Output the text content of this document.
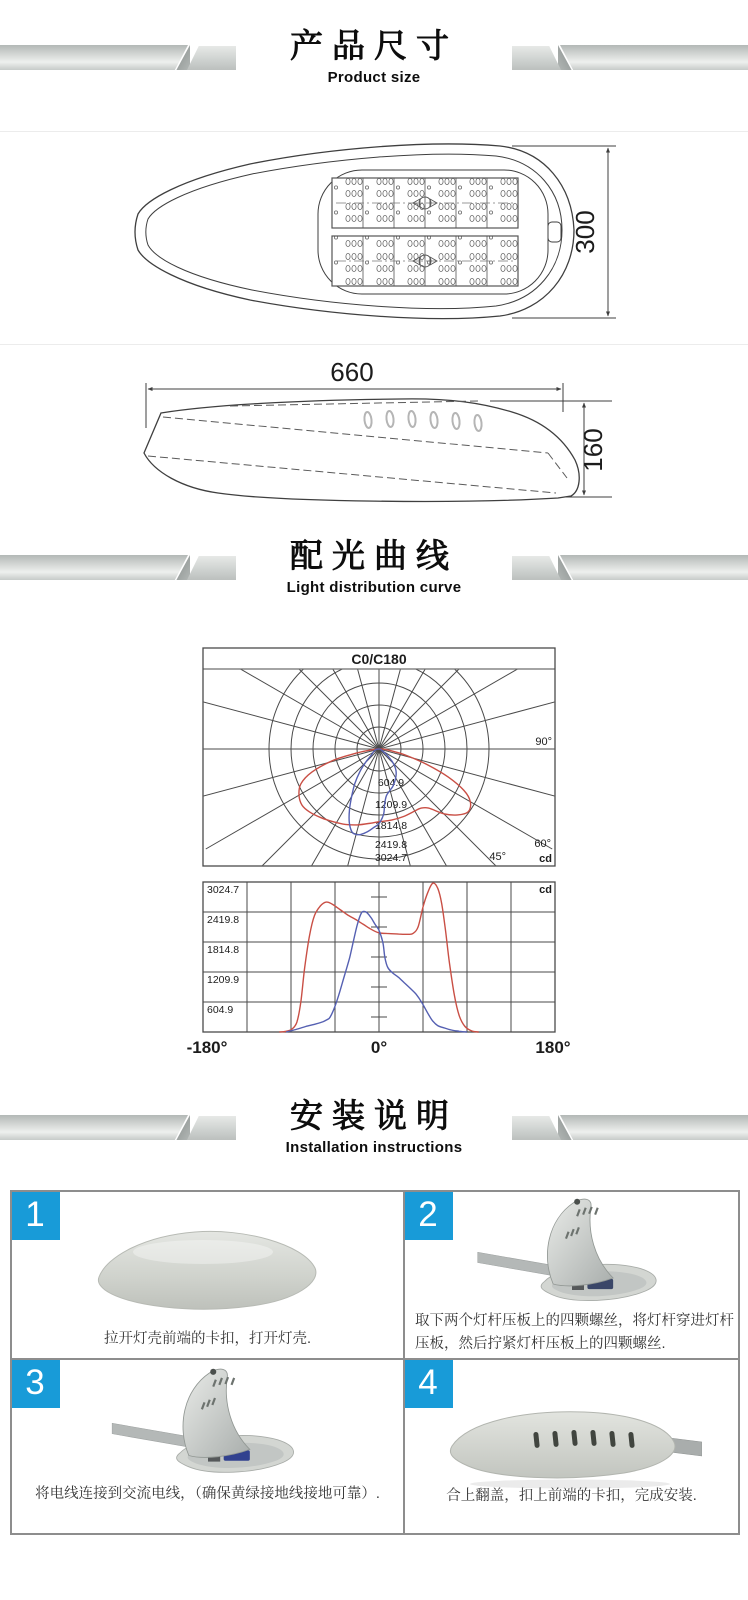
产品尺寸
Product size
300
660
160
配光曲线
Light distribution curve
C0/C180
604.9
1209.9
1814.8
2419.8
3024.7
90°
60°
45°	cd
3024.7
2419.8
1814.8
1209.9
604.9
cd
-180°	0°	180°
安装说明
Installation instructions
1
拉开灯壳前端的卡扣，打开灯壳.
2
取下两个灯杆压板上的四颗螺丝，将灯杆穿进灯杆压板，然后拧紧灯杆压板上的四颗螺丝.
3
将电线连接到交流电线，（确保黄绿接地线接地可靠）.
4
合上翻盖，扣上前端的卡扣，完成安装.
